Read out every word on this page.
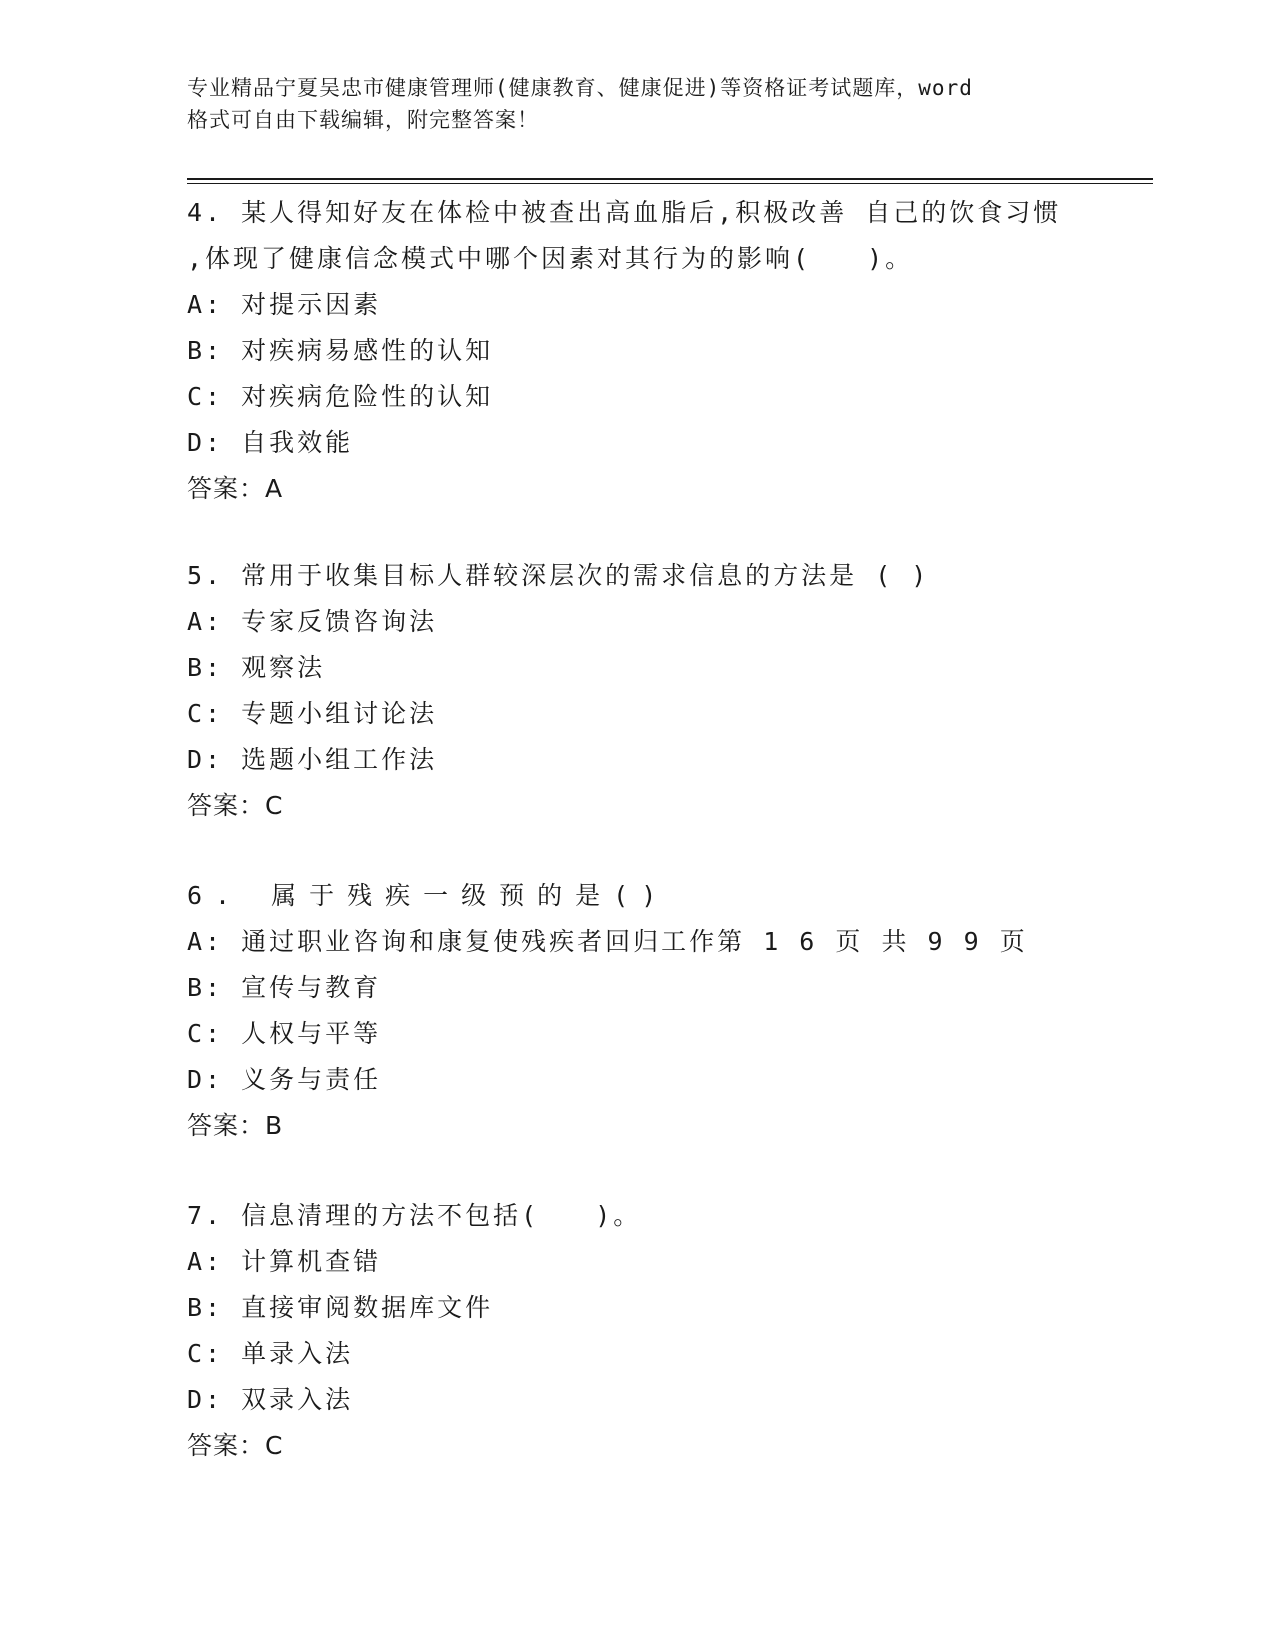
专业精品宁夏吴忠市健康管理师(健康教育、健康促进)等资格证考试题库，word
格式可自由下载编辑，附完整答案！
4. 某人得知好友在体检中被查出高血脂后,积极改善 自己的饮食习惯
,体现了健康信念模式中哪个因素对其行为的影响(　　)。
A: 对提示因素
B: 对疾病易感性的认知
C: 对疾病危险性的认知
D: 自我效能
答案：A
5. 常用于收集目标人群较深层次的需求信息的方法是 ( )
A: 专家反馈咨询法
B: 观察法
C: 专题小组讨论法
D: 选题小组工作法
答案：C
6. 属于残疾一级预的是()
A: 通过职业咨询和康复使残疾者回归工作第 1 6 页 共 9 9 页
B: 宣传与教育
C: 人权与平等
D: 义务与责任
答案：B
7. 信息清理的方法不包括(　　)。
A: 计算机查错
B: 直接审阅数据库文件
C: 单录入法
D: 双录入法
答案：C
